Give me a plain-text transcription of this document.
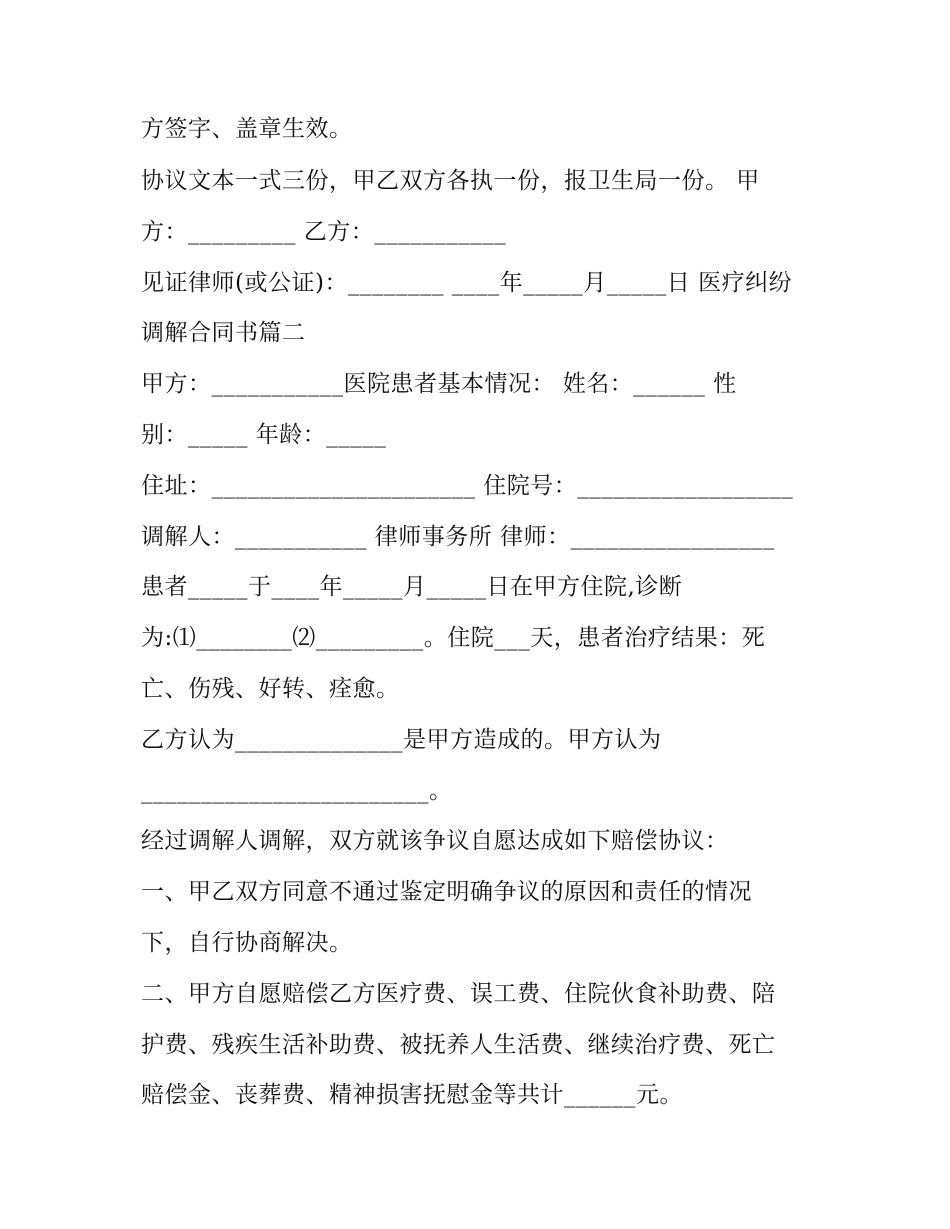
方签字、盖章生效。
协议文本一式三份，甲乙双方各执一份，报卫生局一份。 甲
方：_________ 乙方：___________
见证律师(或公证)：________ ____年_____月_____日 医疗纠纷
调解合同书篇二
甲方：___________医院患者基本情况： 姓名：______ 性
别：_____ 年龄：_____
住址：______________________ 住院号：__________________
调解人：___________ 律师事务所 律师：_________________
患者_____于____年_____月_____日在甲方住院,诊断
为:⑴________⑵_________。住院___天，患者治疗结果：死
亡、伤残、好转、痊愈。
乙方认为______________是甲方造成的。甲方认为
________________________。
经过调解人调解，双方就该争议自愿达成如下赔偿协议：
一、甲乙双方同意不通过鉴定明确争议的原因和责任的情况
下，自行协商解决。
二、甲方自愿赔偿乙方医疗费、误工费、住院伙食补助费、陪
护费、残疾生活补助费、被抚养人生活费、继续治疗费、死亡
赔偿金、丧葬费、精神损害抚慰金等共计______元。
